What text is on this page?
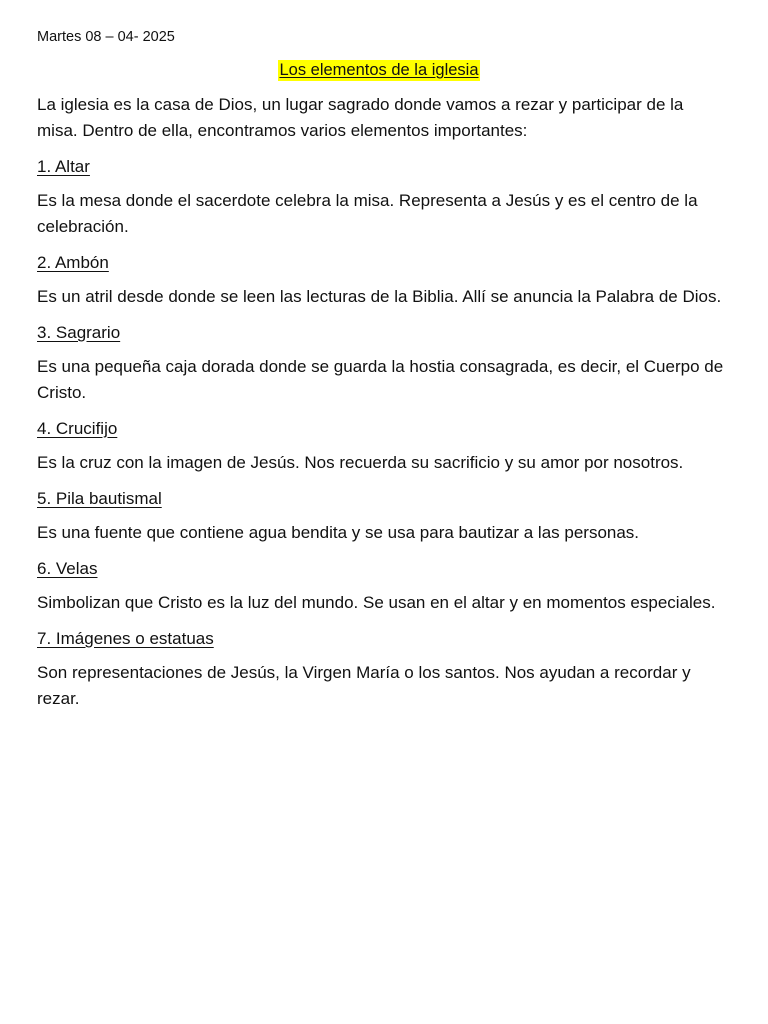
Martes 08 – 04- 2025
Los elementos de la iglesia

La iglesia es la casa de Dios, un lugar sagrado donde vamos a rezar y participar de la misa. Dentro de ella, encontramos varios elementos importantes:

1. Altar

Es la mesa donde el sacerdote celebra la misa. Representa a Jesús y es el centro de la celebración.

2. Ambón

Es un atril desde donde se leen las lecturas de la Biblia. Allí se anuncia la Palabra de Dios.

3. Sagrario

Es una pequeña caja dorada donde se guarda la hostia consagrada, es decir, el Cuerpo de Cristo.

4. Crucifijo

Es la cruz con la imagen de Jesús. Nos recuerda su sacrificio y su amor por nosotros.

5. Pila bautismal

Es una fuente que contiene agua bendita y se usa para bautizar a las personas.

6. Velas

Simbolizan que Cristo es la luz del mundo. Se usan en el altar y en momentos especiales.

7. Imágenes o estatuas

Son representaciones de Jesús, la Virgen María o los santos. Nos ayudan a recordar y rezar.
